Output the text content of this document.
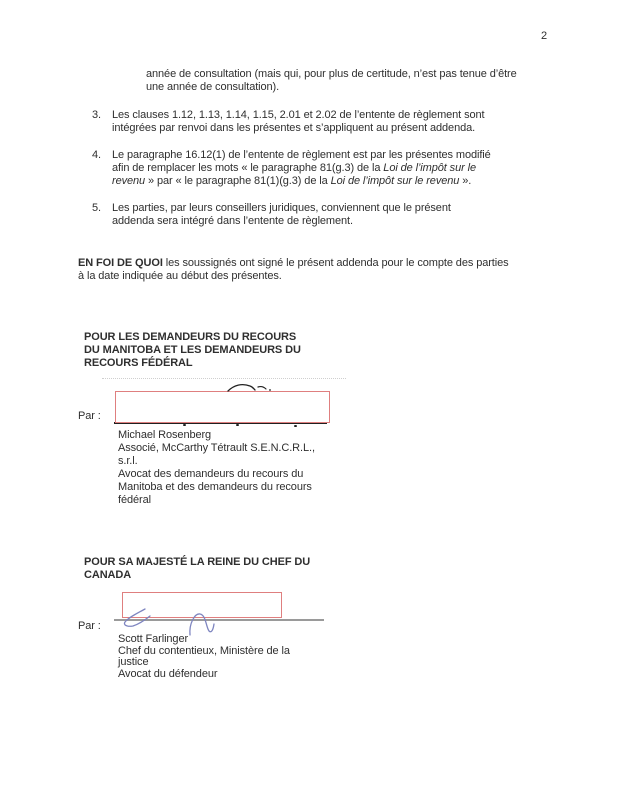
2
année de consultation (mais qui, pour plus de certitude, n’est pas tenue d’être
une année de consultation).
3.	Les clauses 1.12, 1.13, 1.14, 1.15, 2.01 et 2.02 de l’entente de règlement sont
intégrées par renvoi dans les présentes et s’appliquent au présent addenda.
4.	Le paragraphe 16.12(1) de l’entente de règlement est par les présentes modifié
afin de remplacer les mots « le paragraphe 81(g.3) de la Loi de l’impôt sur le
revenu » par « le paragraphe 81(1)(g.3) de la Loi de l’impôt sur le revenu ».
5.	Les parties, par leurs conseillers juridiques, conviennent que le présent
addenda sera intégré dans l’entente de règlement.
EN FOI DE QUOI les soussignés ont signé le présent addenda pour le compte des parties
à la date indiquée au début des présentes.
POUR LES DEMANDEURS DU RECOURS
DU MANITOBA ET LES DEMANDEURS DU
RECOURS FÉDÉRAL
Par :
Michael Rosenberg
Associé, McCarthy Tétrault S.E.N.C.R.L.,
s.r.l.
Avocat des demandeurs du recours du
Manitoba et des demandeurs du recours
fédéral
POUR SA MAJESTÉ LA REINE DU CHEF DU
CANADA
Par :
Scott Farlinger
Chef du contentieux, Ministère de la
justice
Avocat du défendeur
